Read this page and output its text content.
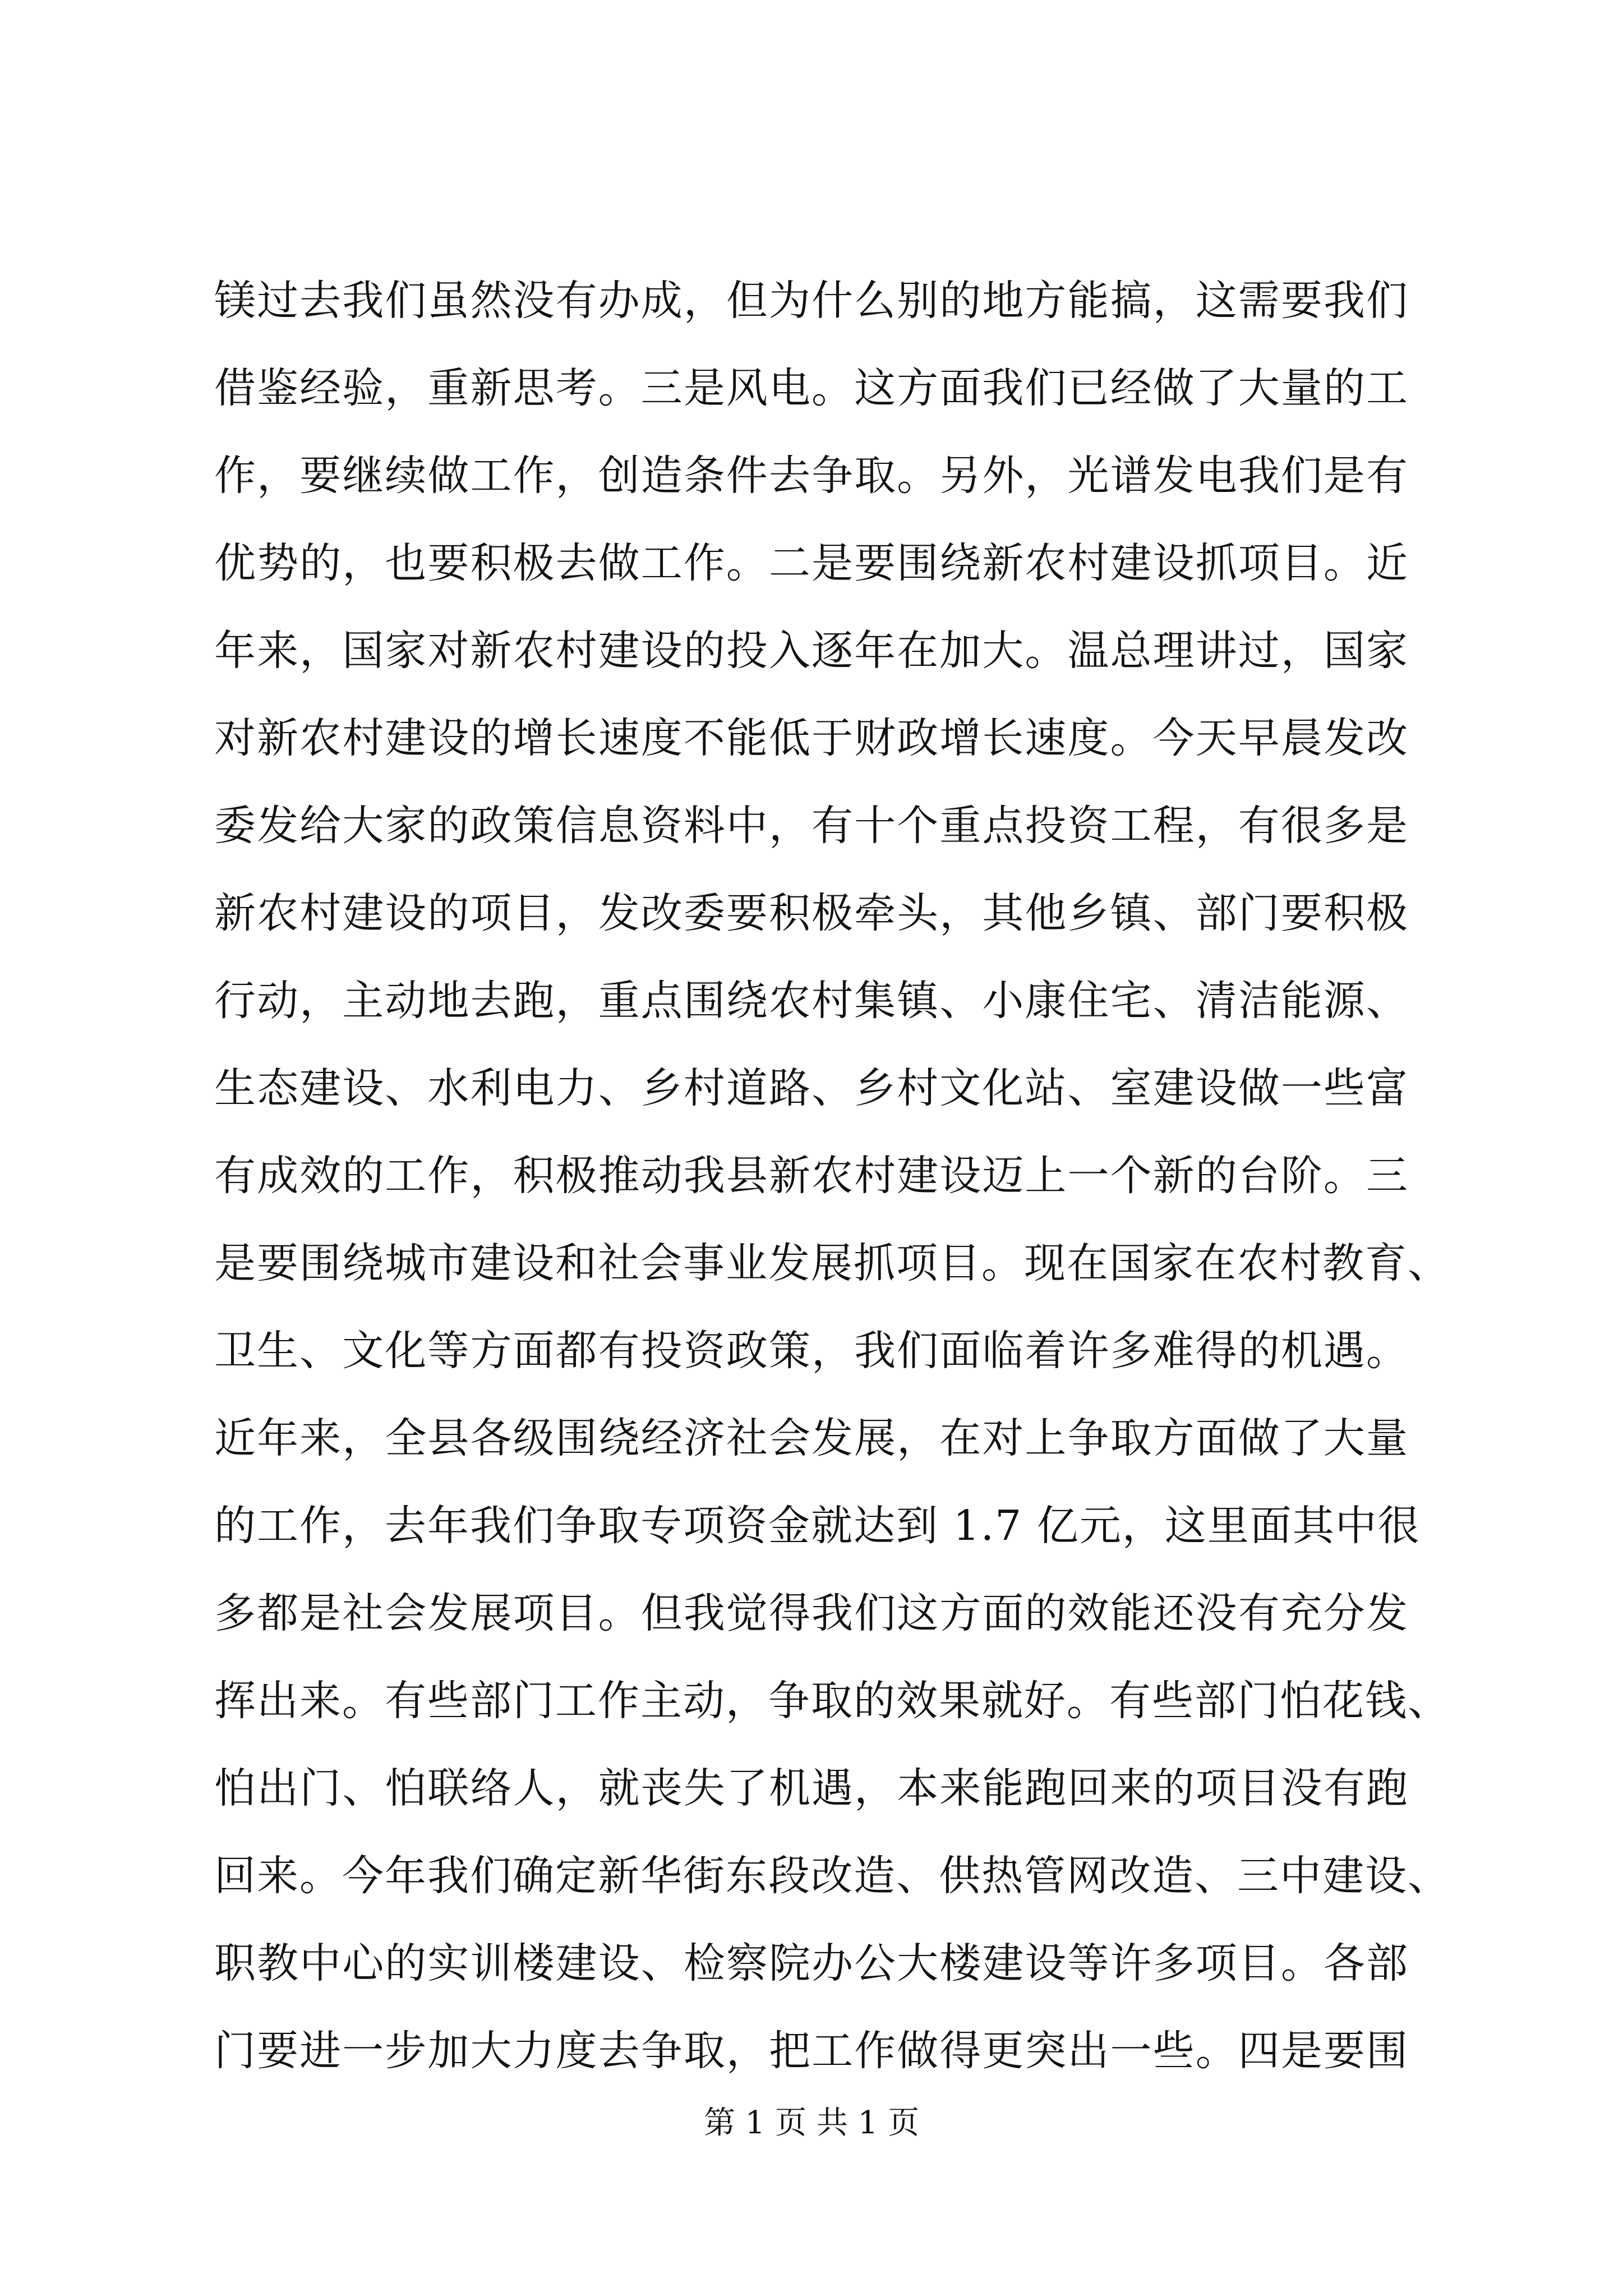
镁过去我们虽然没有办成，但为什么别的地方能搞，这需要我们
借鉴经验，重新思考。三是风电。这方面我们已经做了大量的工
作，要继续做工作，创造条件去争取。另外，光谱发电我们是有
优势的，也要积极去做工作。二是要围绕新农村建设抓项目。近
年来，国家对新农村建设的投入逐年在加大。温总理讲过，国家
对新农村建设的增长速度不能低于财政增长速度。今天早晨发改
委发给大家的政策信息资料中，有十个重点投资工程，有很多是
新农村建设的项目，发改委要积极牵头，其他乡镇、部门要积极
行动，主动地去跑，重点围绕农村集镇、小康住宅、清洁能源、
生态建设、水利电力、乡村道路、乡村文化站、室建设做一些富
有成效的工作，积极推动我县新农村建设迈上一个新的台阶。三
是要围绕城市建设和社会事业发展抓项目。现在国家在农村教育、
卫生、文化等方面都有投资政策，我们面临着许多难得的机遇。
近年来，全县各级围绕经济社会发展，在对上争取方面做了大量
的工作，去年我们争取专项资金就达到 1.7 亿元，这里面其中很
多都是社会发展项目。但我觉得我们这方面的效能还没有充分发
挥出来。有些部门工作主动，争取的效果就好。有些部门怕花钱、
怕出门、怕联络人，就丧失了机遇，本来能跑回来的项目没有跑
回来。今年我们确定新华街东段改造、供热管网改造、三中建设、
职教中心的实训楼建设、检察院办公大楼建设等许多项目。各部
门要进一步加大力度去争取，把工作做得更突出一些。四是要围
第 1 页 共 1 页
